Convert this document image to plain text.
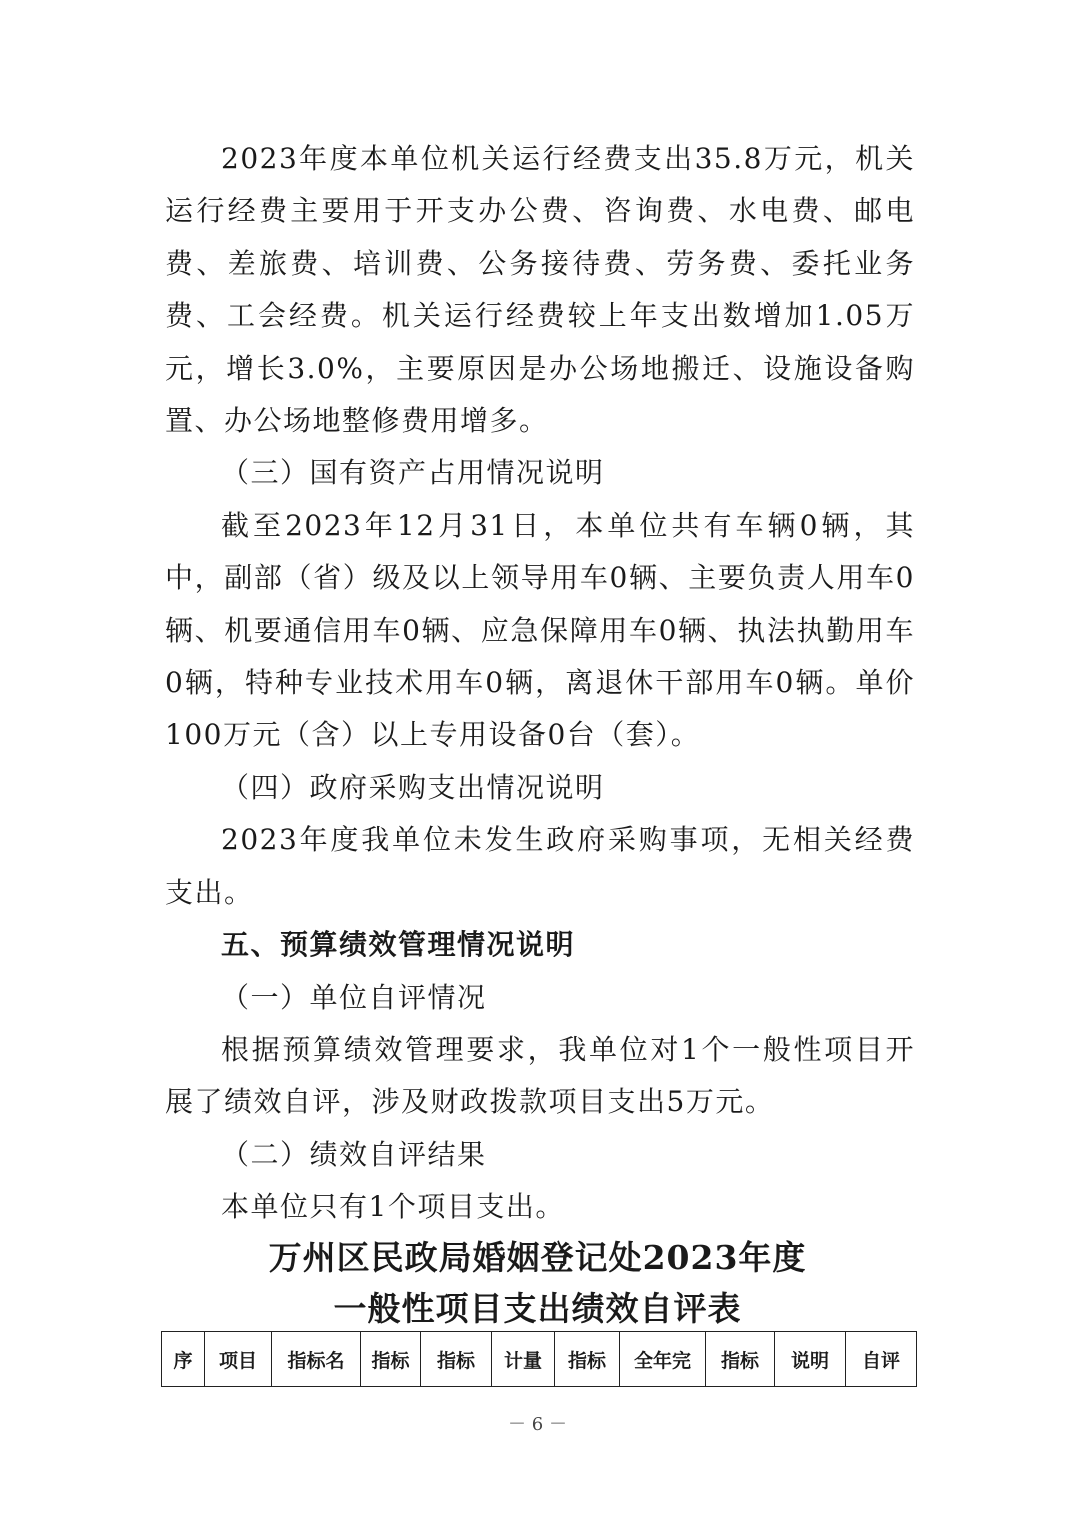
2023年度本单位机关运行经费支出35.8万元，机关运行经费主要用于开支办公费、咨询费、水电费、邮电费、差旅费、培训费、公务接待费、劳务费、委托业务费、工会经费。机关运行经费较上年支出数增加1.05万元，增长3.0%，主要原因是办公场地搬迁、设施设备购置、办公场地整修费用增多。

（三）国有资产占用情况说明

截至2023年12月31日，本单位共有车辆0辆，其中，副部（省）级及以上领导用车0辆、主要负责人用车0辆、机要通信用车0辆、应急保障用车0辆、执法执勤用车0辆，特种专业技术用车0辆，离退休干部用车0辆。单价100万元（含）以上专用设备0台（套）。

（四）政府采购支出情况说明

2023年度我单位未发生政府采购事项，无相关经费支出。

五、预算绩效管理情况说明

（一）单位自评情况

根据预算绩效管理要求，我单位对1个一般性项目开展了绩效自评，涉及财政拨款项目支出5万元。

（二）绩效自评结果

本单位只有1个项目支出。

万州区民政局婚姻登记处2023年度
一般性项目支出绩效自评表
序	项目	指标名	指标	指标	计量	指标	全年完	指标	说明	自评
－ 6 －
